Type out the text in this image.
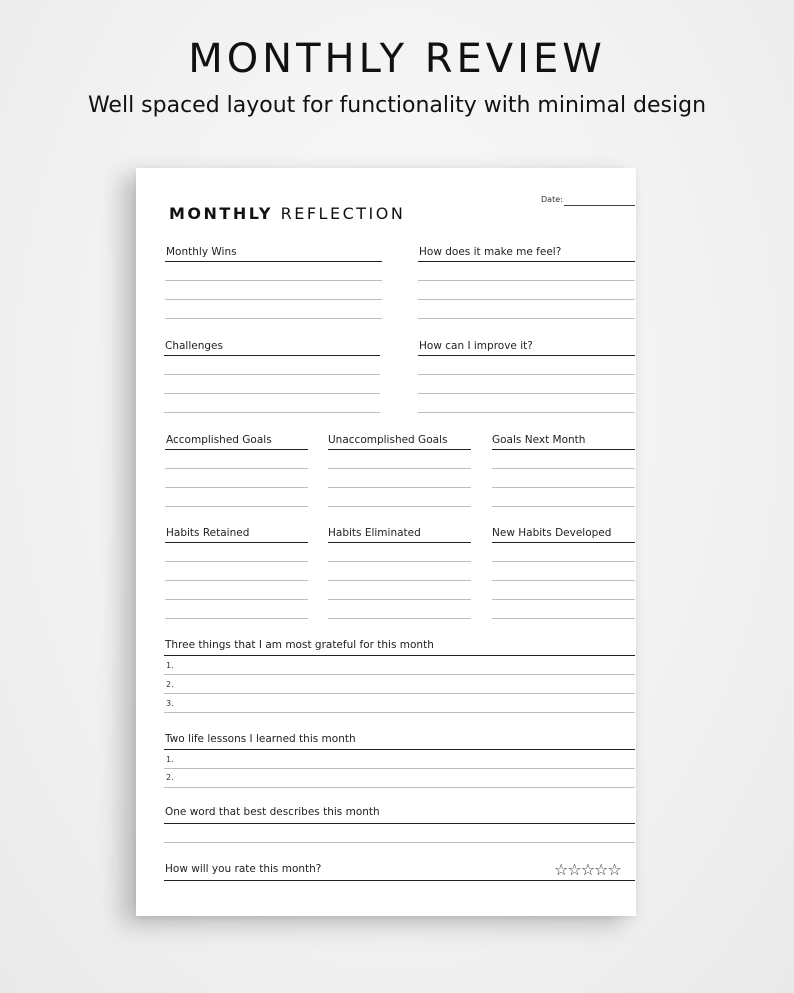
MONTHLY REVIEW
Well spaced layout for functionality with minimal design
MONTHLY REFLECTION
Date:
Monthly Wins	How does it make me feel?
Challenges	How can I improve it?
Accomplished Goals	Unaccomplished Goals	Goals Next Month
Habits Retained	Habits Eliminated	New Habits Developed
Three things that I am most grateful for this month
1.
2.
3.
Two life lessons I learned this month
1.
2.
One word that best describes this month
How will you rate this month?	☆☆☆☆☆
